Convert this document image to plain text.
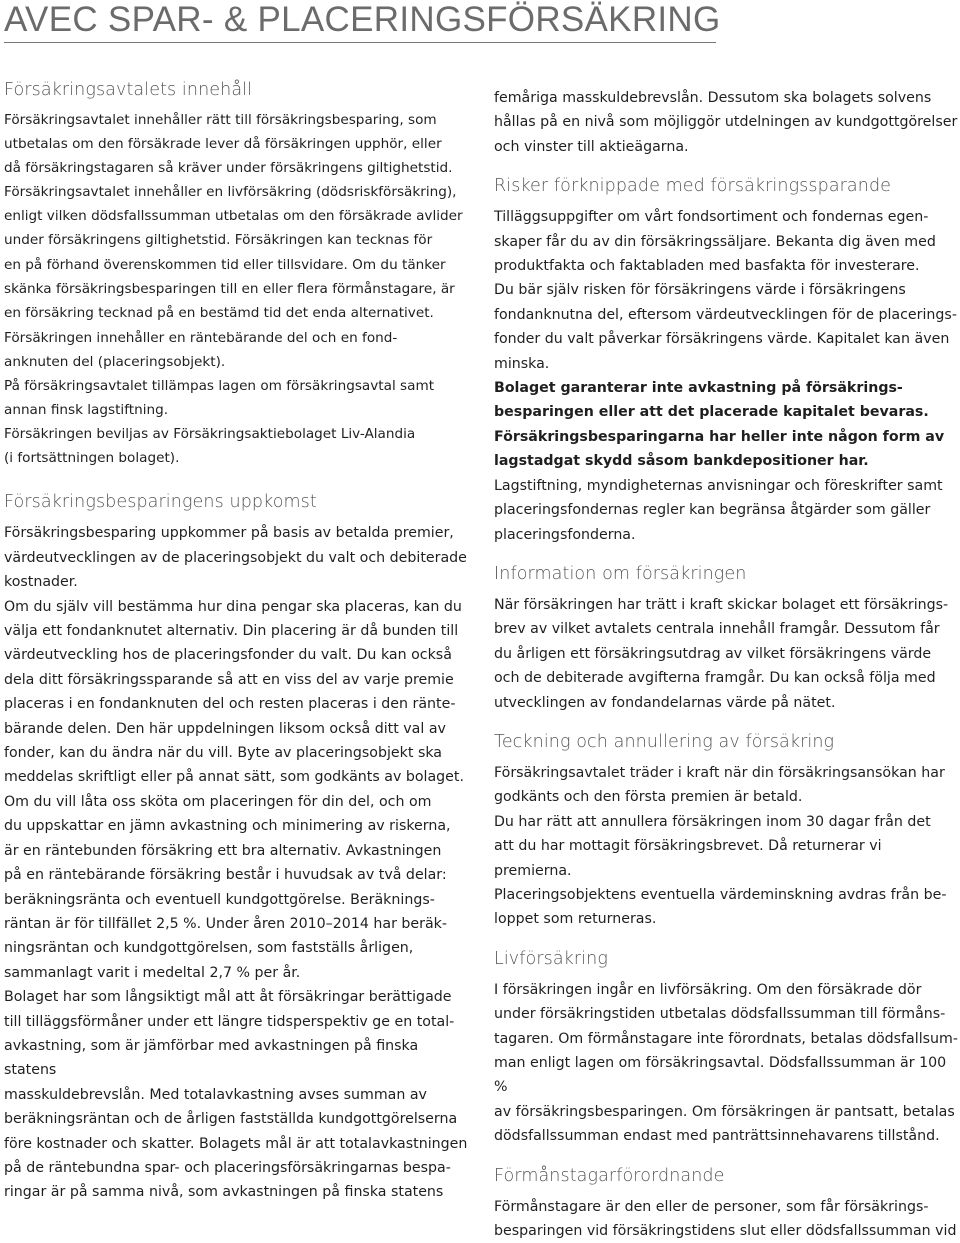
AVEC SPAR- & PLACERINGSFÖRSÄKRING
Försäkringsavtalets innehåll

Försäkringsavtalet innehåller rätt till försäkringsbesparing, som
utbetalas om den försäkrade lever då försäkringen upphör, eller
då försäkringstagaren så kräver under försäkringens giltighetstid.
Försäkringsavtalet innehåller en livförsäkring (dödsriskförsäkring),
enligt vilken dödsfallssumman utbetalas om den försäkrade avlider
under försäkringens giltighetstid. Försäkringen kan tecknas för
en på förhand överenskommen tid eller tillsvidare. Om du tänker
skänka försäkringsbesparingen till en eller flera förmånstagare, är
en försäkring tecknad på en bestämd tid det enda alternativet.

Försäkringen innehåller en räntebärande del och en fond-
anknuten del (placeringsobjekt).

På försäkringsavtalet tillämpas lagen om försäkringsavtal samt
annan finsk lagstiftning.

Försäkringen beviljas av Försäkringsaktiebolaget Liv-Alandia
(i fortsättningen bolaget).

Försäkringsbesparingens uppkomst

Försäkringsbesparing uppkommer på basis av betalda premier,
värdeutvecklingen av de placeringsobjekt du valt och debiterade
kostnader.

Om du själv vill bestämma hur dina pengar ska placeras, kan du
välja ett fondanknutet alternativ. Din placering är då bunden till
värdeutveckling hos de placeringsfonder du valt. Du kan också
dela ditt försäkringssparande så att en viss del av varje premie
placeras i en fondanknuten del och resten placeras i den ränte-
bärande delen. Den här uppdelningen liksom också ditt val av
fonder, kan du ändra när du vill. Byte av placeringsobjekt ska
meddelas skriftligt eller på annat sätt, som godkänts av bolaget.

Om du vill låta oss sköta om placeringen för din del, och om
du uppskattar en jämn avkastning och minimering av riskerna,
är en räntebunden försäkring ett bra alternativ. Avkastningen
på en räntebärande försäkring består i huvudsak av två delar:
beräkningsränta och eventuell kundgottgörelse. Beräknings-
räntan är för tillfället 2,5 %. Under åren 2010–2014 har beräk-
ningsräntan och kundgottgörelsen, som fastställs årligen,
sammanlagt varit i medeltal 2,7 % per år.

Bolaget har som långsiktigt mål att åt försäkringar berättigade
till tilläggsförmåner under ett längre tidsperspektiv ge en total-
avkastning, som är jämförbar med avkastningen på finska statens
masskuldebrevslån. Med totalavkastning avses summan av
beräkningsräntan och de årligen fastställda kundgottgörelserna
före kostnader och skatter. Bolagets mål är att totalavkastningen
på de räntebundna spar- och placeringsförsäkringarnas bespa-
ringar är på samma nivå, som avkastningen på finska statens

femåriga masskuldebrevslån. Dessutom ska bolagets solvens
hållas på en nivå som möjliggör utdelningen av kundgottgörelser
och vinster till aktieägarna.

Risker förknippade med försäkringssparande

Tilläggsuppgifter om vårt fondsortiment och fondernas egen-
skaper får du av din försäkringssäljare. Bekanta dig även med
produktfakta och faktabladen med basfakta för investerare.

Du bär själv risken för försäkringens värde i försäkringens
fondanknutna del, eftersom värdeutvecklingen för de placerings-
fonder du valt påverkar försäkringens värde. Kapitalet kan även
minska.

Bolaget garanterar inte avkastning på försäkrings-
besparingen eller att det placerade kapitalet bevaras.
Försäkringsbesparingarna har heller inte någon form av
lagstadgat skydd såsom bankdepositioner har.

Lagstiftning, myndigheternas anvisningar och föreskrifter samt
placeringsfondernas regler kan begränsa åtgärder som gäller
placeringsfonderna.

Information om försäkringen

När försäkringen har trätt i kraft skickar bolaget ett försäkrings-
brev av vilket avtalets centrala innehåll framgår. Dessutom får
du årligen ett försäkringsutdrag av vilket försäkringens värde
och de debiterade avgifterna framgår. Du kan också följa med
utvecklingen av fondandelarnas värde på nätet.

Teckning och annullering av försäkring

Försäkringsavtalet träder i kraft när din försäkringsansökan har
godkänts och den första premien är betald.

Du har rätt att annullera försäkringen inom 30 dagar från det
att du har mottagit försäkringsbrevet. Då returnerar vi premierna.
Placeringsobjektens eventuella värdeminskning avdras från be-
loppet som returneras.

Livförsäkring

I försäkringen ingår en livförsäkring. Om den försäkrade dör
under försäkringstiden utbetalas dödsfallssumman till förmåns-
tagaren. Om förmånstagare inte förordnats, betalas dödsfallsum-
man enligt lagen om försäkringsavtal. Dödsfallssumman är 100 %
av försäkringsbesparingen. Om försäkringen är pantsatt, betalas
dödsfallssumman endast med panträttsinnehavarens tillstånd.

Förmånstagarförordnande

Förmånstagare är den eller de personer, som får försäkrings-
besparingen vid försäkringstidens slut eller dödsfallssumman vid
